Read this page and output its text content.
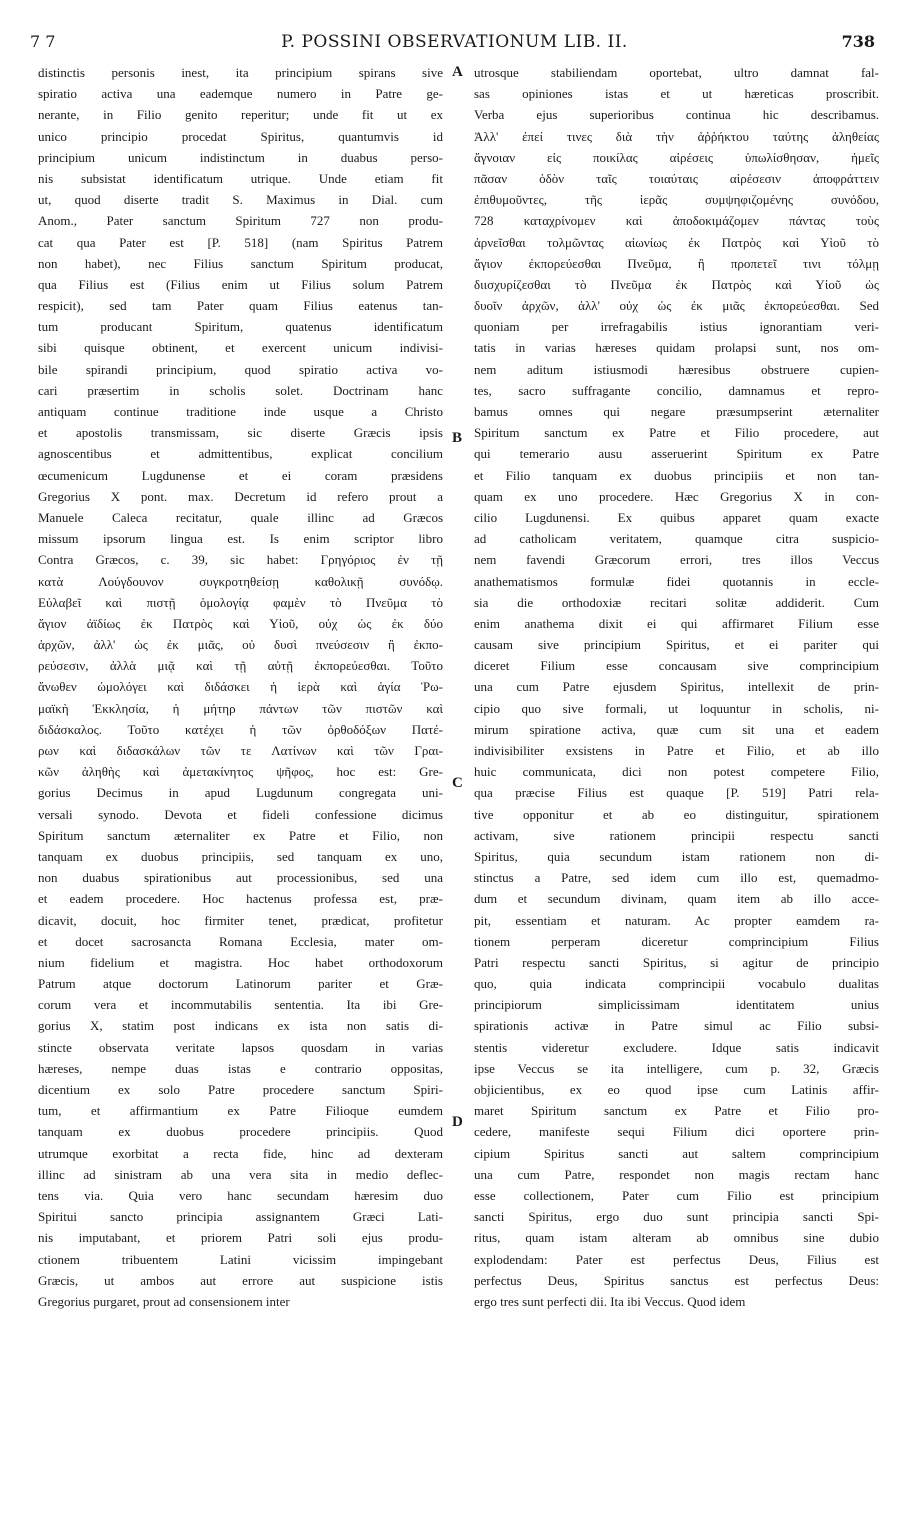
7 7	P. POSSINI OBSERVATIONUM LIB. II.	738
distinctis personis inest, ita principium spirans sive
spiratio activa una eademque numero in Patre ge-
nerante, in Filio genito reperitur; unde fit ut ex
unico principio procedat Spiritus, quantumvis id
principium unicum indistinctum in duabus perso-
nis subsistat identificatum utrique. Unde etiam fit
ut, quod diserte tradit S. Maximus in Dial. cum
Anom., Pater sanctum Spiritum 727 non produ-
cat qua Pater est [P. 518] (nam Spiritus Patrem
non habet), nec Filius sanctum Spiritum producat,
qua Filius est (Filius enim ut Filius solum Patrem
respicit), sed tam Pater quam Filius eatenus tan-
tum producant Spiritum, quatenus identificatum
sibi quisque obtinent, et exercent unicum indivisi-
bile spirandi principium, quod spiratio activa vo-
cari præsertim in scholis solet. Doctrinam hanc
antiquam continue traditione inde usque a Christo
et apostolis transmissam, sic diserte Græcis ipsis
agnoscentibus et admittentibus, explicat concilium
œcumenicum Lugdunense et ei coram præsidens
Gregorius X pont. max. Decretum id refero prout a
Manuele Caleca recitatur, quale illinc ad Græcos
missum ipsorum lingua est. Is enim scriptor libro
Contra Græcos, c. 39, sic habet: Γρηγόριος ἐν τῇ
κατὰ Λούγδουνον συγκροτηθείσῃ καθολικῇ συνόδῳ.
Εὐλαβεῖ καὶ πιστῇ ὁμολογίᾳ φαμὲν τὸ Πνεῦμα τὸ
ἅγιον ἀϊδίως ἐκ Πατρὸς καὶ Υἱοῦ, οὐχ ὡς ἐκ δύο
ἀρχῶν, ἀλλ' ὡς ἐκ μιᾶς, οὐ δυσὶ πνεύσεσιν ἢ ἐκπο-
ρεύσεσιν, ἀλλὰ μιᾷ καὶ τῇ αὐτῇ ἐκπορεύεσθαι. Τοῦτο
ἄνωθεν ὡμολόγει καὶ διδάσκει ἡ ἱερὰ καὶ ἁγία Ῥω-
μαϊκὴ Ἐκκλησία, ἡ μήτηρ πάντων τῶν πιστῶν καὶ
διδάσκαλος. Τοῦτο κατέχει ἡ τῶν ὀρθοδόξων Πατέ-
ρων καὶ διδασκάλων τῶν τε Λατίνων καὶ τῶν Γραι-
κῶν ἀληθὴς καὶ ἀμετακίνητος ψῆφος, hoc est: Gre-
gorius Decimus in apud Lugdunum congregata uni-
versali synodo. Devota et fideli confessione dicimus
Spiritum sanctum æternaliter ex Patre et Filio, non
tanquam ex duobus principiis, sed tanquam ex uno,
non duabus spirationibus aut processionibus, sed una
et eadem procedere. Hoc hactenus professa est, præ-
dicavit, docuit, hoc firmiter tenet, prædicat, profitetur
et docet sacrosancta Romana Ecclesia, mater om-
nium fidelium et magistra. Hoc habet orthodoxorum
Patrum atque doctorum Latinorum pariter et Græ-
corum vera et incommutabilis sententia. Ita ibi Gre-
gorius X, statim post indicans ex ista non satis di-
stincte observata veritate lapsos quosdam in varias
hæreses, nempe duas istas e contrario oppositas,
dicentium ex solo Patre procedere sanctum Spiri-
tum, et affirmantium ex Patre Filioque eumdem
tanquam ex duobus procedere principiis. Quod
utrumque exorbitat a recta fide, hinc ad dexteram
illinc ad sinistram ab una vera sita in medio deflec-
tens via. Quia vero hanc secundam hæresim duo
Spiritui sancto principia assignantem Græci Lati-
nis imputabant, et priorem Patri soli ejus produ-
ctionem tribuentem Latini vicissim impingebant
Græcis, ut ambos aut errore aut suspicione istis
Gregorius purgaret, prout ad consensionem inter
utrosque stabiliendam oportebat, ultro damnat fal-
sas opiniones istas et ut hæreticas proscribit.
Verba ejus superioribus continua hic describamus.
Ἀλλ' ἐπεί τινες διὰ τὴν ἀῤῥήκτου ταύτης ἀληθείας
ἄγνοιαν εἰς ποικίλας αἱρέσεις ὑπωλίσθησαν, ἡμεῖς
πᾶσαν ὁδὸν ταῖς τοιαύταις αἱρέσεσιν ἀποφράττειν
ἐπιθυμοῦντες, τῆς ἱερᾶς συμψηφιζομένης συνόδου,
728 καταχρίνομεν καὶ ἀποδοκιμάζομεν πάντας τοὺς
ἀρνεῖσθαι τολμῶντας αἰωνίως ἐκ Πατρὸς καὶ Υἱοῦ τὸ
ἅγιον ἐκπορεύεσθαι Πνεῦμα, ἢ προπετεῖ τινι τόλμῃ
διισχυρίζεσθαι τὸ Πνεῦμα ἐκ Πατρὸς καὶ Υἱοῦ ὡς
δυοῖν ἀρχῶν, ἀλλ' οὐχ ὡς ἐκ μιᾶς ἐκπορεύεσθαι. Sed
quoniam per irrefragabilis istius ignorantiam veri-
tatis in varias hæreses quidam prolapsi sunt, nos om-
nem aditum istiusmodi hæresibus obstruere cupien-
tes, sacro suffragante concilio, damnamus et repro-
bamus omnes qui negare præsumpserint æternaliter
Spiritum sanctum ex Patre et Filio procedere, aut
qui temerario ausu asseruerint Spiritum ex Patre
et Filio tanquam ex duobus principiis et non tan-
quam ex uno procedere. Hæc Gregorius X in con-
cilio Lugdunensi. Ex quibus apparet quam exacte
ad catholicam veritatem, quamque citra suspicio-
nem favendi Græcorum errori, tres illos Veccus
anathematismos formulæ fidei quotannis in eccle-
sia die orthodoxiæ recitari solitæ addiderit. Cum
enim anathema dixit ei qui affirmaret Filium esse
causam sive principium Spiritus, et ei pariter qui
diceret Filium esse concausam sive comprincipium
una cum Patre ejusdem Spiritus, intellexit de prin-
cipio quo sive formali, ut loquuntur in scholis, ni-
mirum spiratione activa, quæ cum sit una et eadem
indivisibiliter exsistens in Patre et Filio, et ab illo
huic communicata, dici non potest competere Filio,
qua præcise Filius est quaque [P. 519] Patri rela-
tive opponitur et ab eo distinguitur, spirationem
activam, sive rationem principii respectu sancti
Spiritus, quia secundum istam rationem non di-
stinctus a Patre, sed idem cum illo est, quemadmo-
dum et secundum divinam, quam item ab illo acce-
pit, essentiam et naturam. Ac propter eamdem ra-
tionem perperam diceretur comprincipium Filius
Patri respectu sancti Spiritus, si agitur de principio
quo, quia indicata comprincipii vocabulo dualitas
principiorum simplicissimam identitatem unius
spirationis activæ in Patre simul ac Filio subsi-
stentis videretur excludere. Idque satis indicavit
ipse Veccus se ita intelligere, cum p. 32, Græcis
objicientibus, ex eo quod ipse cum Latinis affir-
maret Spiritum sanctum ex Patre et Filio pro-
cedere, manifeste sequi Filium dici oportere prin-
cipium Spiritus sancti aut saltem comprincipium
una cum Patre, respondet non magis rectam hanc
esse collectionem, Pater cum Filio est principium
sancti Spiritus, ergo duo sunt principia sancti Spi-
ritus, quam istam alteram ab omnibus sine dubio
explodendam: Pater est perfectus Deus, Filius est
perfectus Deus, Spiritus sanctus est perfectus Deus:
ergo tres sunt perfecti dii. Ita ibi Veccus. Quod idem
A
B
C
D
